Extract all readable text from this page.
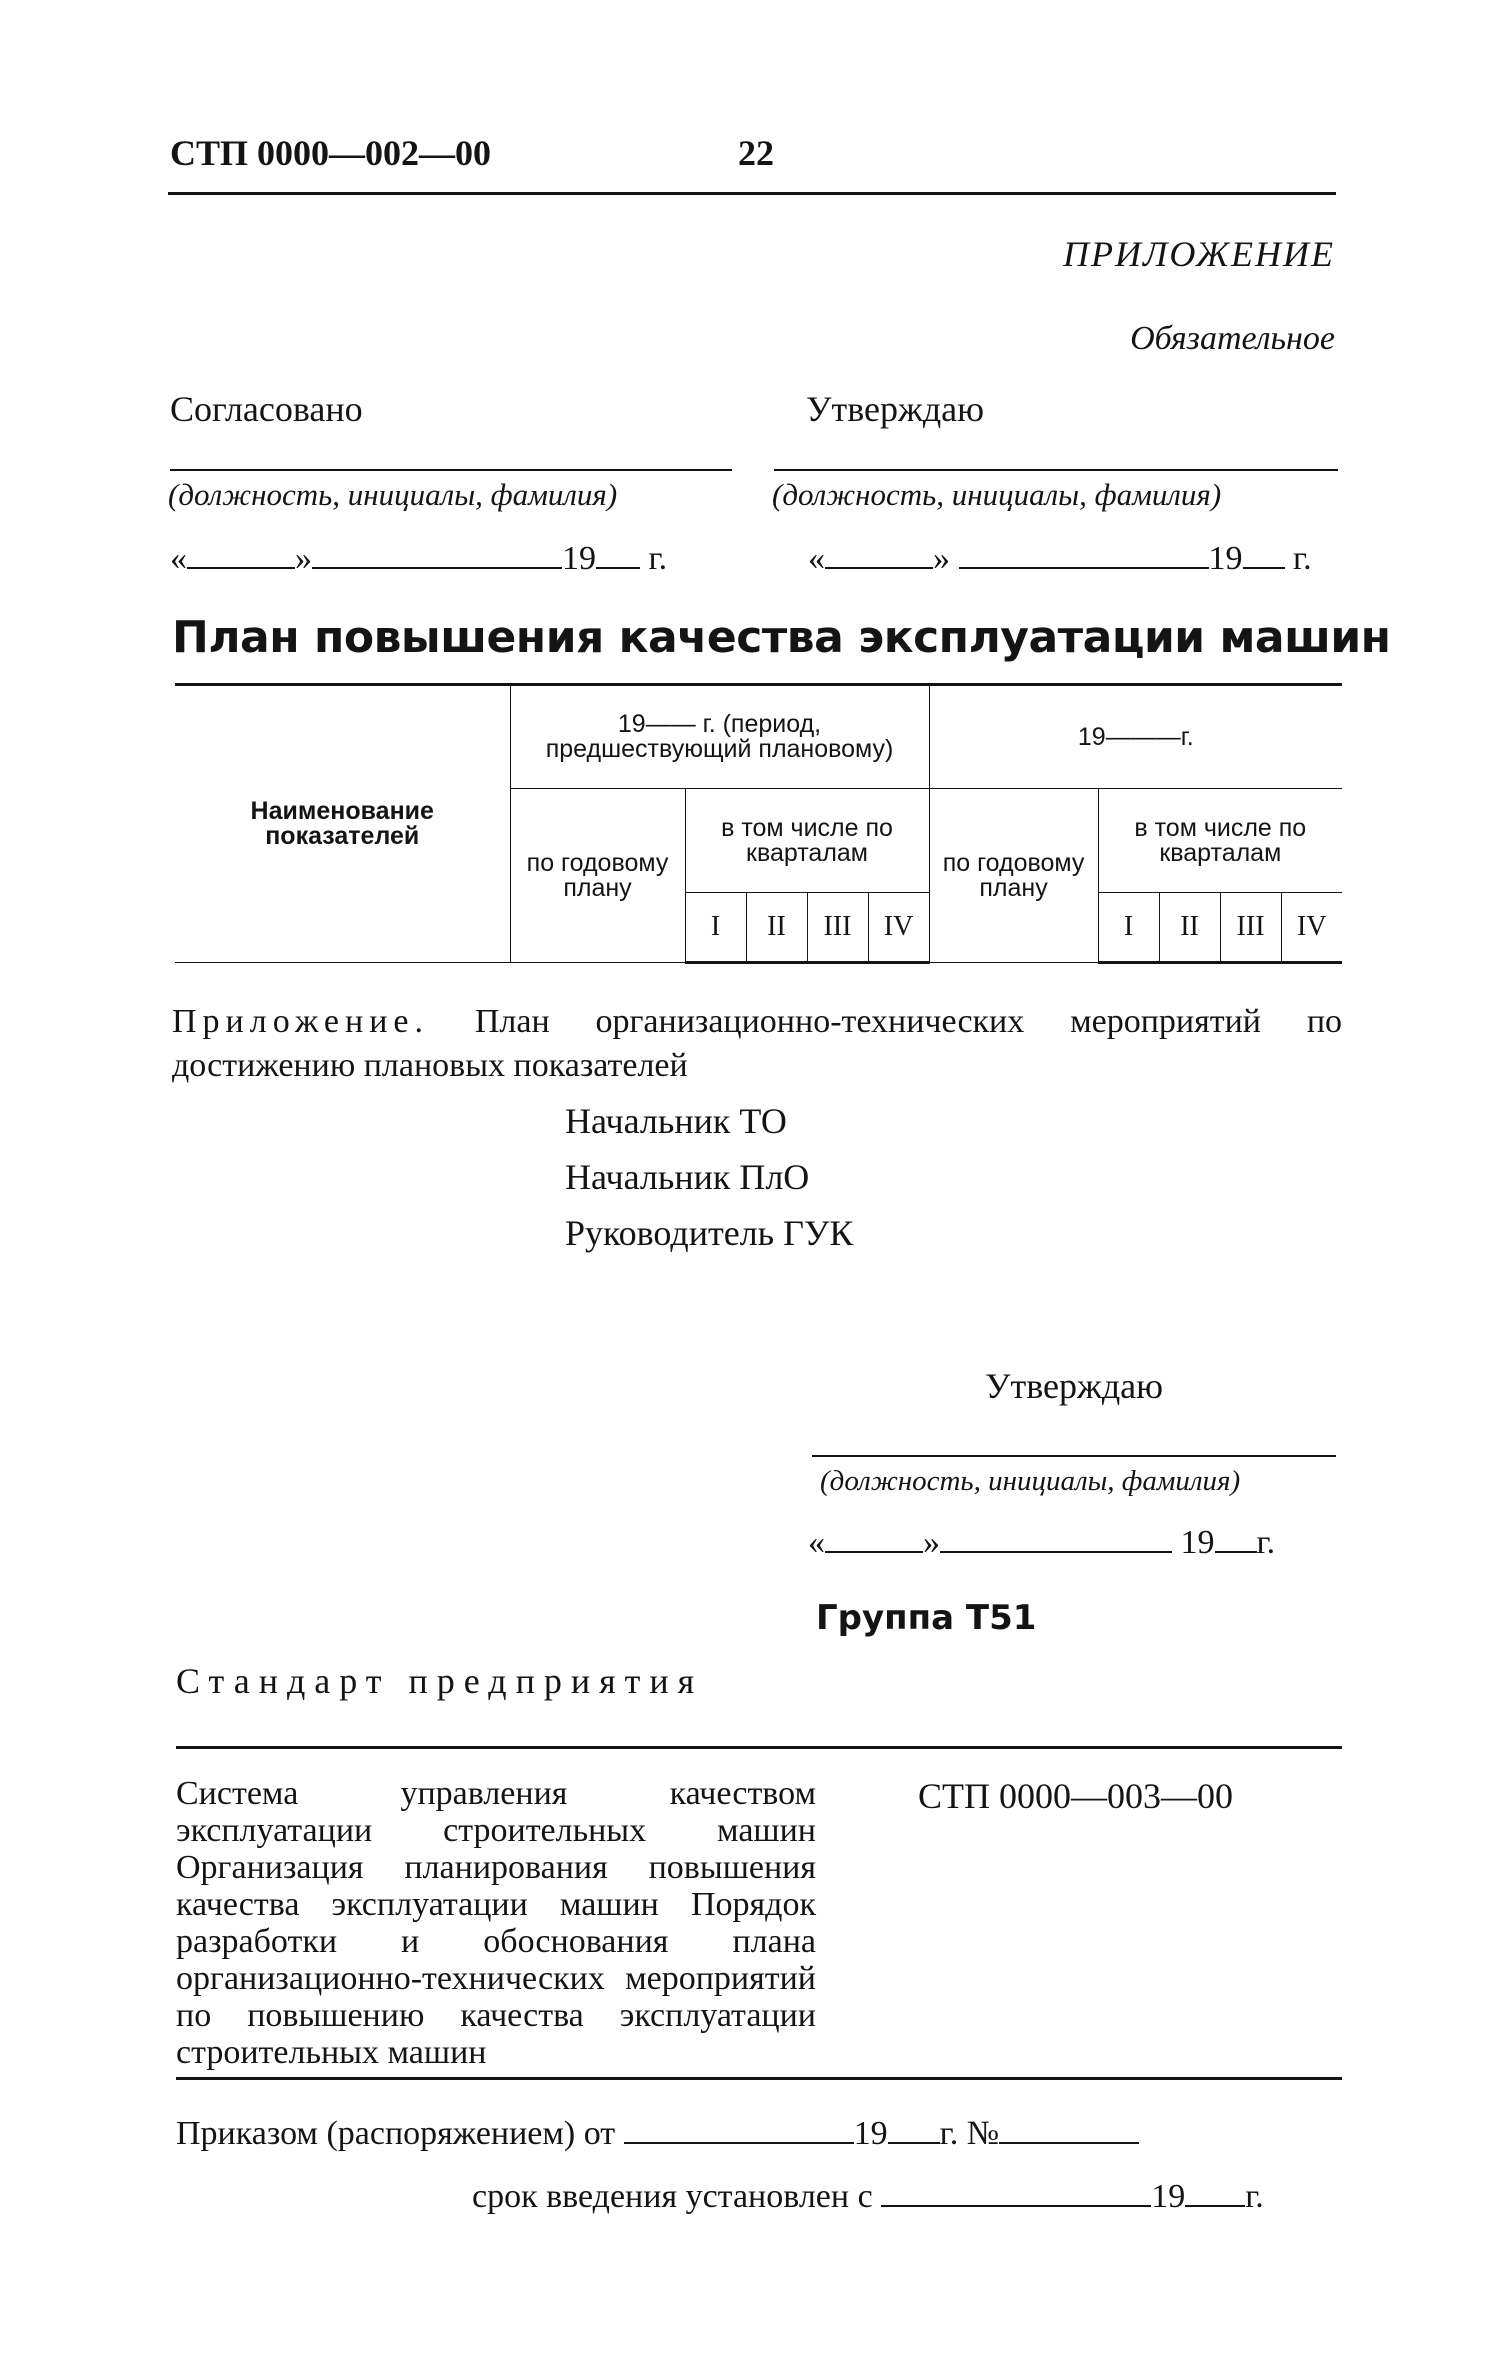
СТП 0000—002—00	22
ПРИЛОЖЕНИЕ
Обязательное
Согласовано	Утверждаю
(должность, инициалы, фамилия)	(должность, инициалы, фамилия)
«	»	19 г.	«	»	19 г.
План повышения качества эксплуатации машин
Наименование показателей	19—— г. (период, предшествующий плановому)					19———г.				
	по годовому плану	в том числе по кварталам				по годовому плану	в том числе по кварталам			
		I	II	III	IV		I	II	III	IV
Приложение. План организационно-технических мероприятий по достижению плановых показателей
Начальник ТО
Начальник ПлО
Руководитель ГУК
Утверждаю
(должность, инициалы, фамилия)
«	»	19 г.
Группа Т51
Стандарт предприятия
Система управления качеством эксплуатации строительных машин Организация планирования повышения качества эксплуатации машин Порядок разработки и обоснования плана организационно-технических мероприятий по повышению качества эксплуатации строительных машин
СТП 0000—003—00
Приказом (распоряжением) от	19 г. №
срок введения установлен с	19 г.
